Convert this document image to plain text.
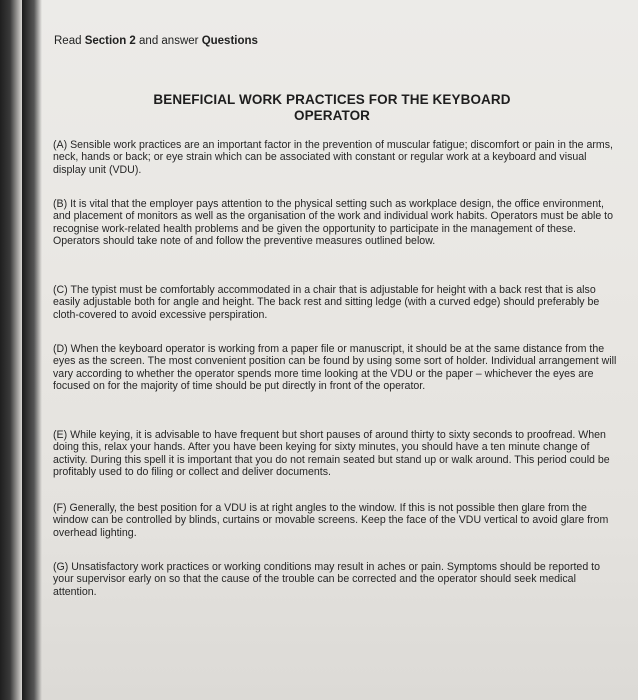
Read Section 2 and answer Questions
BENEFICIAL WORK PRACTICES FOR THE KEYBOARD
OPERATOR
(A) Sensible work practices are an important factor in the prevention of muscular fatigue; discomfort or pain in the arms, neck, hands or back; or eye strain which can be associated with constant or regular work at a keyboard and visual display unit (VDU).
(B) It is vital that the employer pays attention to the physical setting such as workplace design, the office environment, and placement of monitors as well as the organisation of the work and individual work habits. Operators must be able to recognise work-related health problems and be given the opportunity to participate in the management of these. Operators should take note of and follow the preventive measures outlined below.
(C) The typist must be comfortably accommodated in a chair that is adjustable for height with a back rest that is also easily adjustable both for angle and height. The back rest and sitting ledge (with a curved edge) should preferably be cloth-covered to avoid excessive perspiration.
(D) When the keyboard operator is working from a paper file or manuscript, it should be at the same distance from the eyes as the screen. The most convenient position can be found by using some sort of holder. Individual arrangement will vary according to whether the operator spends more time looking at the VDU or the paper – whichever the eyes are focused on for the majority of time should be put directly in front of the operator.
(E) While keying, it is advisable to have frequent but short pauses of around thirty to sixty seconds to proofread. When doing this, relax your hands. After you have been keying for sixty minutes, you should have a ten minute change of activity. During this spell it is important that you do not remain seated but stand up or walk around. This period could be profitably used to do filing or collect and deliver documents.
(F) Generally, the best position for a VDU is at right angles to the window. If this is not possible then glare from the window can be controlled by blinds, curtains or movable screens. Keep the face of the VDU vertical to avoid glare from overhead lighting.
(G) Unsatisfactory work practices or working conditions may result in aches or pain. Symptoms should be reported to your supervisor early on so that the cause of the trouble can be corrected and the operator should seek medical attention.
